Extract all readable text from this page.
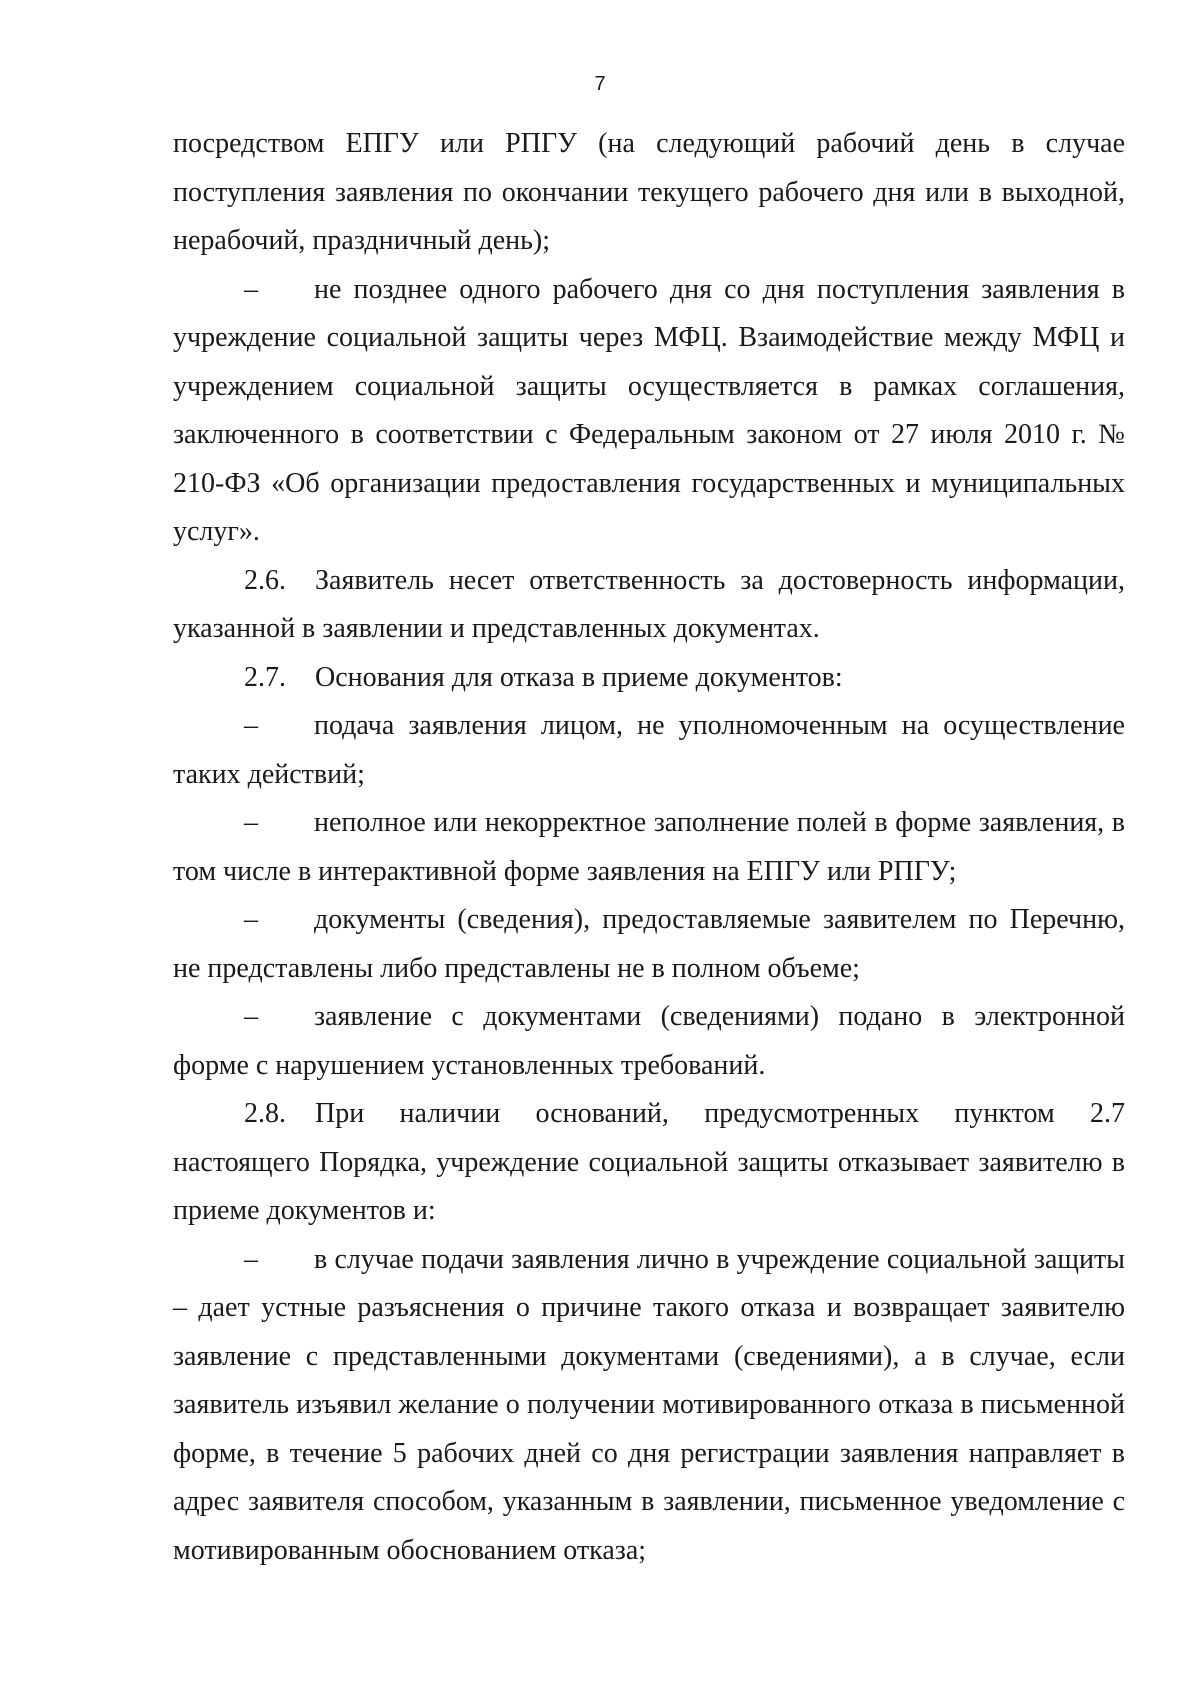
7

посредством ЕПГУ или РПГУ (на следующий рабочий день в случае поступления заявления по окончании текущего рабочего дня или в выходной, нерабочий, праздничный день);

– не позднее одного рабочего дня со дня поступления заявления в учреждение социальной защиты через МФЦ. Взаимодействие между МФЦ и учреждением социальной защиты осуществляется в рамках соглашения, заключенного в соответствии с Федеральным законом от 27 июля 2010 г. № 210-ФЗ «Об организации предоставления государственных и муниципальных услуг».

2.6. Заявитель несет ответственность за достоверность информации, указанной в заявлении и представленных документах.

2.7. Основания для отказа в приеме документов:

– подача заявления лицом, не уполномоченным на осуществление таких действий;

– неполное или некорректное заполнение полей в форме заявления, в том числе в интерактивной форме заявления на ЕПГУ или РПГУ;

– документы (сведения), предоставляемые заявителем по Перечню, не представлены либо представлены не в полном объеме;

– заявление с документами (сведениями) подано в электронной форме с нарушением установленных требований.

2.8. При наличии оснований, предусмотренных пунктом 2.7 настоящего Порядка, учреждение социальной защиты отказывает заявителю в приеме документов и:

– в случае подачи заявления лично в учреждение социальной защиты – дает устные разъяснения о причине такого отказа и возвращает заявителю заявление с представленными документами (сведениями), а в случае, если заявитель изъявил желание о получении мотивированного отказа в письменной форме, в течение 5 рабочих дней со дня регистрации заявления направляет в адрес заявителя способом, указанным в заявлении, письменное уведомление с мотивированным обоснованием отказа;
